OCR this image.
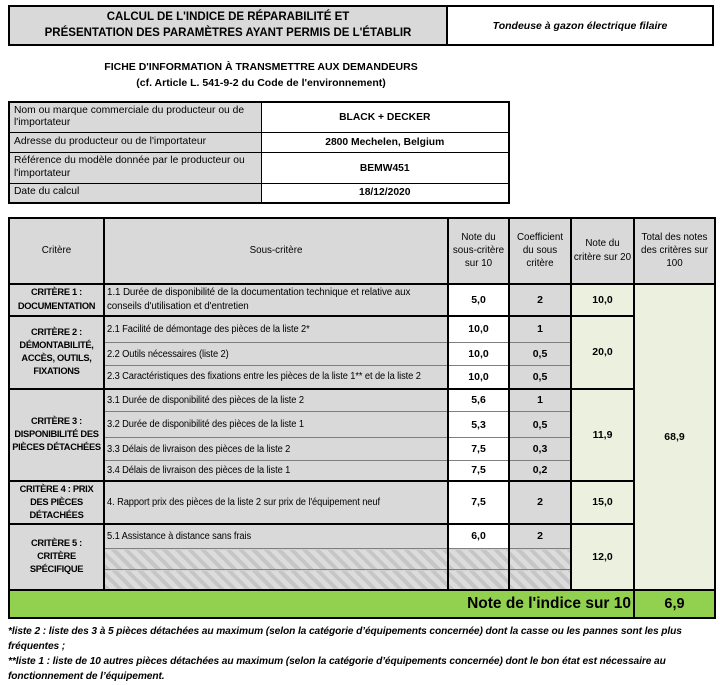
CALCUL DE L'INDICE DE RÉPARABILITÉ ET
PRÉSENTATION DES PARAMÈTRES AYANT PERMIS DE L'ÉTABLIR
	Tondeuse à gazon électrique filaire
FICHE D'INFORMATION À TRANSMETTRE AUX DEMANDEURS
(cf. Article L. 541-9-2 du Code de l'environnement)
Nom ou marque commerciale du producteur ou de l'importateur	BLACK + DECKER
Adresse du producteur ou de l'importateur	2800 Mechelen, Belgium
Référence du modèle donnée par le producteur ou l'importateur	BEMW451
Date du calcul	18/12/2020
Critère	Sous-critère	Note du sous-critère sur 10	Coefficient du sous critère	Note du critère sur 20	Total des notes des critères sur 100
CRITÈRE 1 : DOCUMENTATION	1.1 Durée de disponibilité de la documentation technique et relative aux conseils d'utilisation et d'entretien	5,0	2	10,0	68,9
CRITÈRE 2 : DÉMONTABILITÉ, ACCÈS, OUTILS, FIXATIONS	2.1 Facilité de démontage des pièces de la liste 2*	10,0	1	20,0	
	2.2 Outils nécessaires (liste 2)	10,0	0,5		
	2.3 Caractéristiques des fixations entre les pièces de la liste 1** et de la liste 2	10,0	0,5		
CRITÈRE 3 : DISPONIBILITÉ DES PIÈCES DÉTACHÉES	3.1 Durée de disponibilité des pièces de la liste 2	5,6	1	11,9	
	3.2 Durée de disponibilité des pièces de la liste 1	5,3	0,5		
	3.3 Délais de livraison des pièces de la liste 2	7,5	0,3		
	3.4 Délais de livraison des pièces de la liste 1	7,5	0,2		
CRITÈRE 4 : PRIX DES PIÈCES DÉTACHÉES	4. Rapport prix des pièces de la liste 2 sur prix de l'équipement neuf	7,5	2	15,0	
CRITÈRE 5 : CRITÈRE SPÉCIFIQUE	5.1 Assistance à distance sans frais	6,0	2	12,0	

Note de l'indice sur 10					6,9
*liste 2 : liste des 3 à 5 pièces détachées au maximum (selon la catégorie d’équipements concernée) dont la casse ou les pannes sont les plus fréquentes ;
**liste 1 : liste de 10 autres pièces détachées au maximum (selon la catégorie d’équipements concernée) dont le bon état est nécessaire au fonctionnement de l’équipement.
